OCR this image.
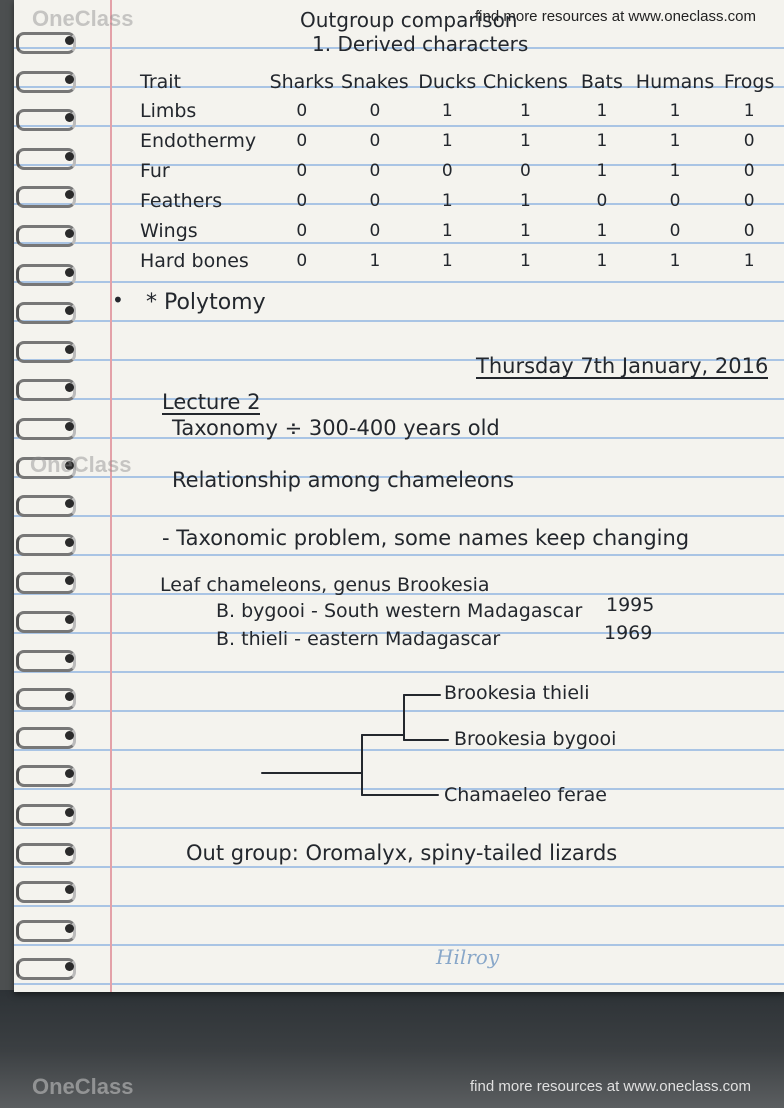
OneClass	find more resources at www.oneclass.com
OneClass
OneClass	find more resources at www.oneclass.com
Outgroup comparison
1. Derived characters
Trait	Sharks	Snakes	Ducks	Chickens	Bats	Humans	Frogs
Limbs	0	0	1	1	1	1	1
Endothermy	0	0	1	1	1	1	0
Fur	0	0	0	0	1	1	0
Feathers	0	0	1	1	0	0	0
Wings	0	0	1	1	1	0	0
Hard bones	0	1	1	1	1	1	1
• * Polytomy
Thursday 7th January, 2016
Lecture 2
Taxonomy ÷ 300-400 years old
Relationship among chameleons
- Taxonomic problem, some names keep changing
Leaf chameleons, genus Brookesia
B. bygooi - South western Madagascar 1995
B. thieli - eastern Madagascar	1969
Brookesia thieli
Brookesia bygooi
Chamaeleo ferae
Out group: Oromalyx, spiny-tailed lizards
Hilroy
